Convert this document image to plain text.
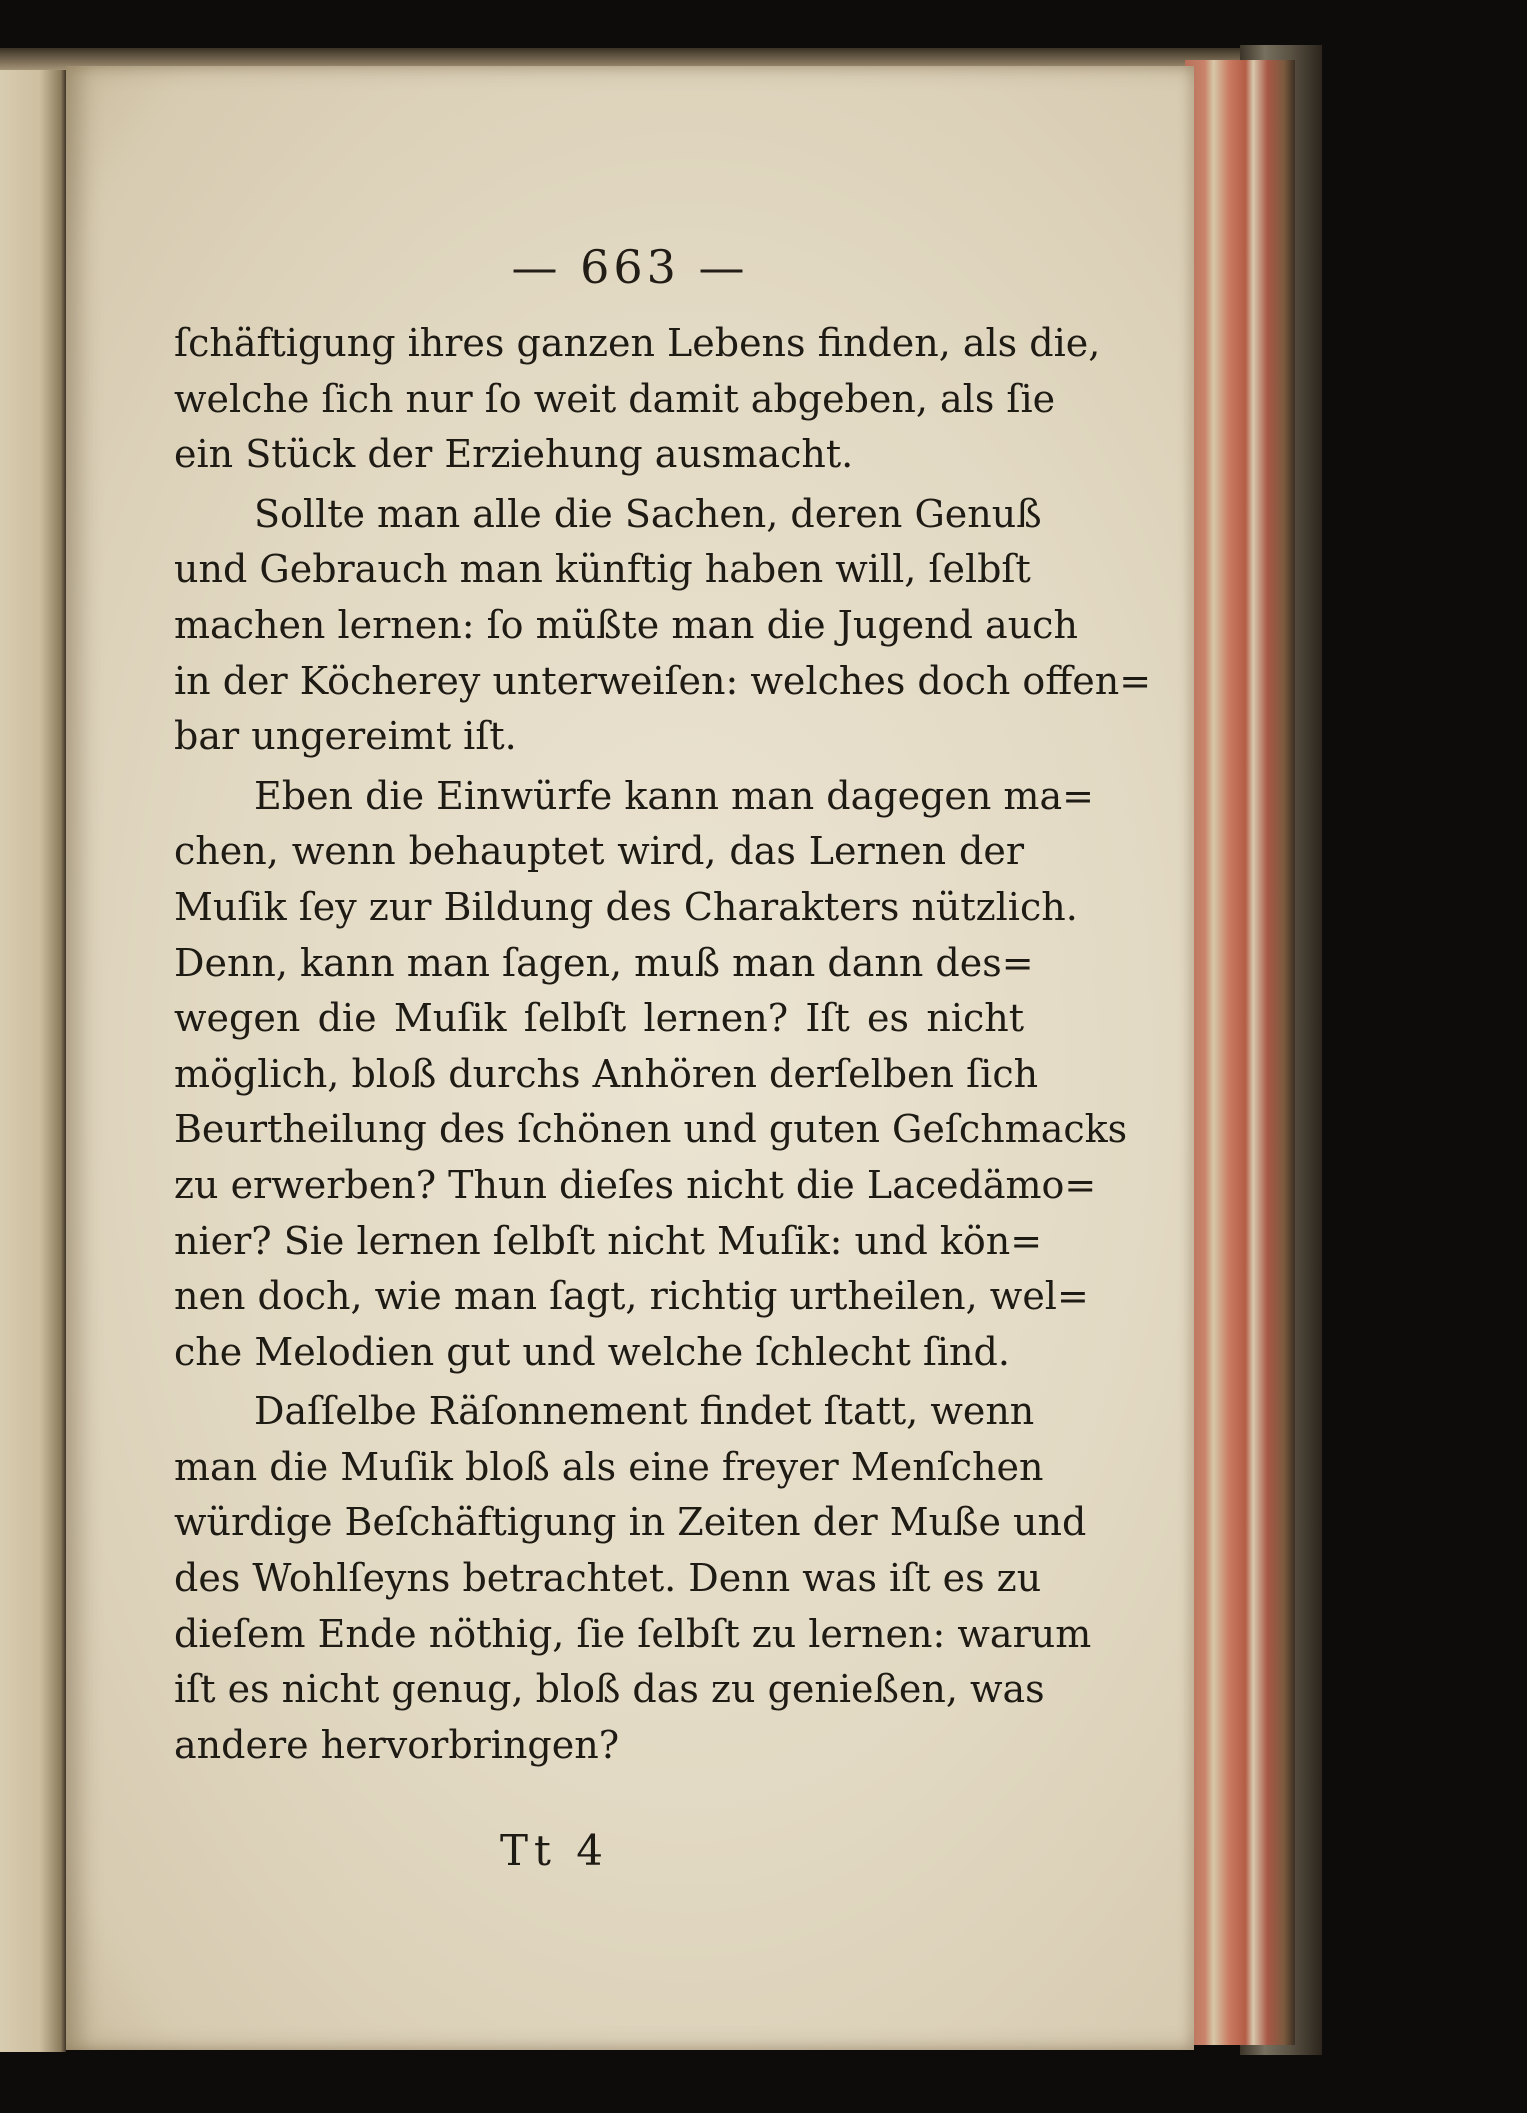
— 663 —
ſchäftigung ihres ganzen Lebens finden, als die,
welche ſich nur ſo weit damit abgeben, als ſie
ein Stück der Erziehung ausmacht.
Sollte man alle die Sachen, deren Genuß
und Gebrauch man künftig haben will, ſelbſt
machen lernen: ſo müßte man die Jugend auch
in der Köcherey unterweiſen: welches doch offen=
bar ungereimt iſt.
Eben die Einwürfe kann man dagegen ma=
chen, wenn behauptet wird, das Lernen der
Muſik ſey zur Bildung des Charakters nützlich.
Denn, kann man ſagen, muß man dann des=
wegen die Muſik ſelbſt lernen? Iſt es nicht
möglich, bloß durchs Anhören derſelben ſich
Beurtheilung des ſchönen und guten Geſchmacks
zu erwerben? Thun dieſes nicht die Lacedämo=
nier? Sie lernen ſelbſt nicht Muſik: und kön=
nen doch, wie man ſagt, richtig urtheilen, wel=
che Melodien gut und welche ſchlecht ſind.
Daſſelbe Räſonnement findet ſtatt, wenn
man die Muſik bloß als eine freyer Menſchen
würdige Beſchäftigung in Zeiten der Muße und
des Wohlſeyns betrachtet. Denn was iſt es zu
dieſem Ende nöthig, ſie ſelbſt zu lernen: warum
iſt es nicht genug, bloß das zu genießen, was
andere hervorbringen?
Tt 4
